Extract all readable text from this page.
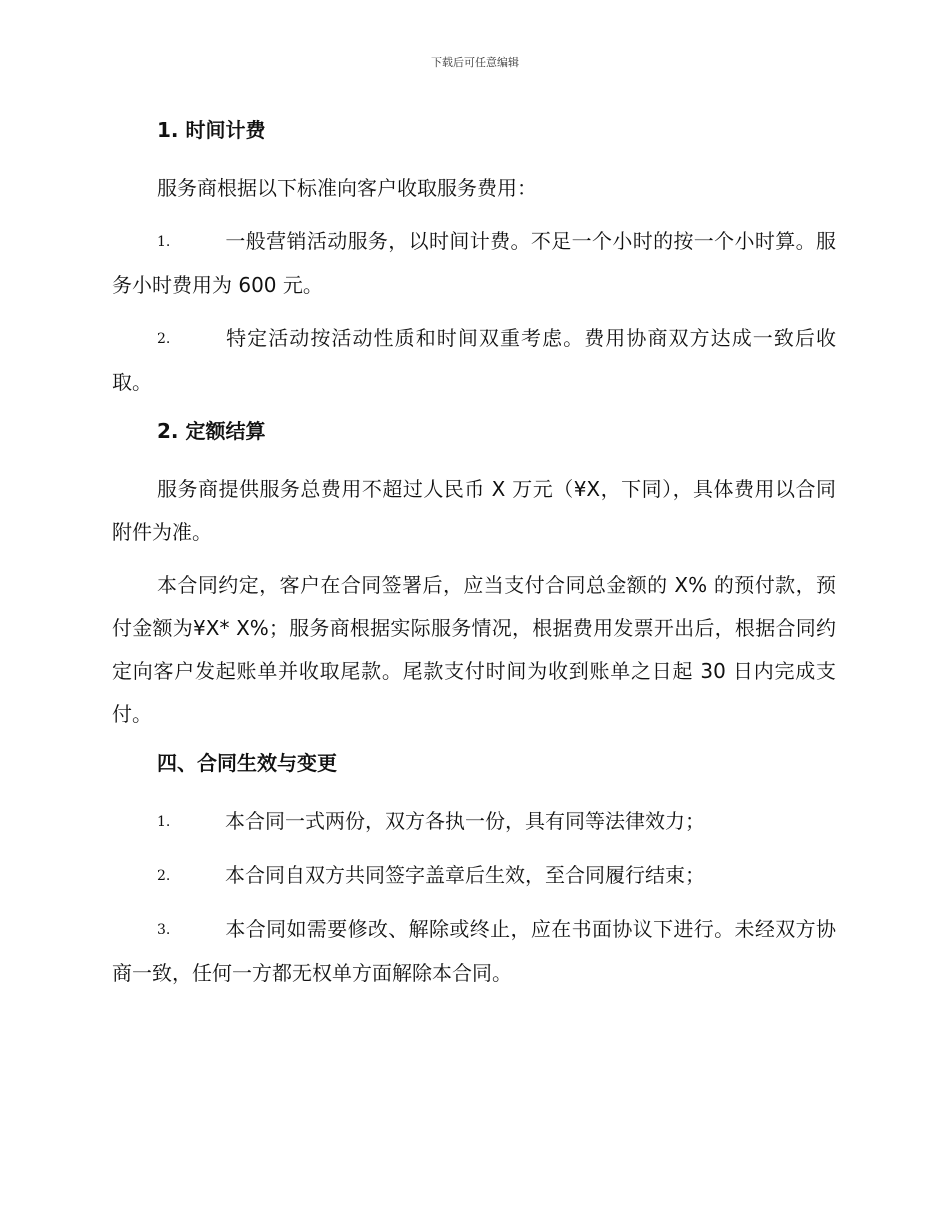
下载后可任意编辑
1. 时间计费

服务商根据以下标准向客户收取服务费用：

1.	一般营销活动服务，以时间计费。不足一个小时的按一个小时算。服务小时费用为 600 元。

2.	特定活动按活动性质和时间双重考虑。费用协商双方达成一致后收取。

2. 定额结算

服务商提供服务总费用不超过人民币 X 万元（¥X，下同），具体费用以合同附件为准。

本合同约定，客户在合同签署后，应当支付合同总金额的 X% 的预付款，预付金额为¥X* X%；服务商根据实际服务情况，根据费用发票开出后，根据合同约定向客户发起账单并收取尾款。尾款支付时间为收到账单之日起 30 日内完成支付。

四、合同生效与变更

1.	本合同一式两份，双方各执一份，具有同等法律效力；

2.	本合同自双方共同签字盖章后生效，至合同履行结束；

3.	本合同如需要修改、解除或终止，应在书面协议下进行。未经双方协商一致，任何一方都无权单方面解除本合同。
